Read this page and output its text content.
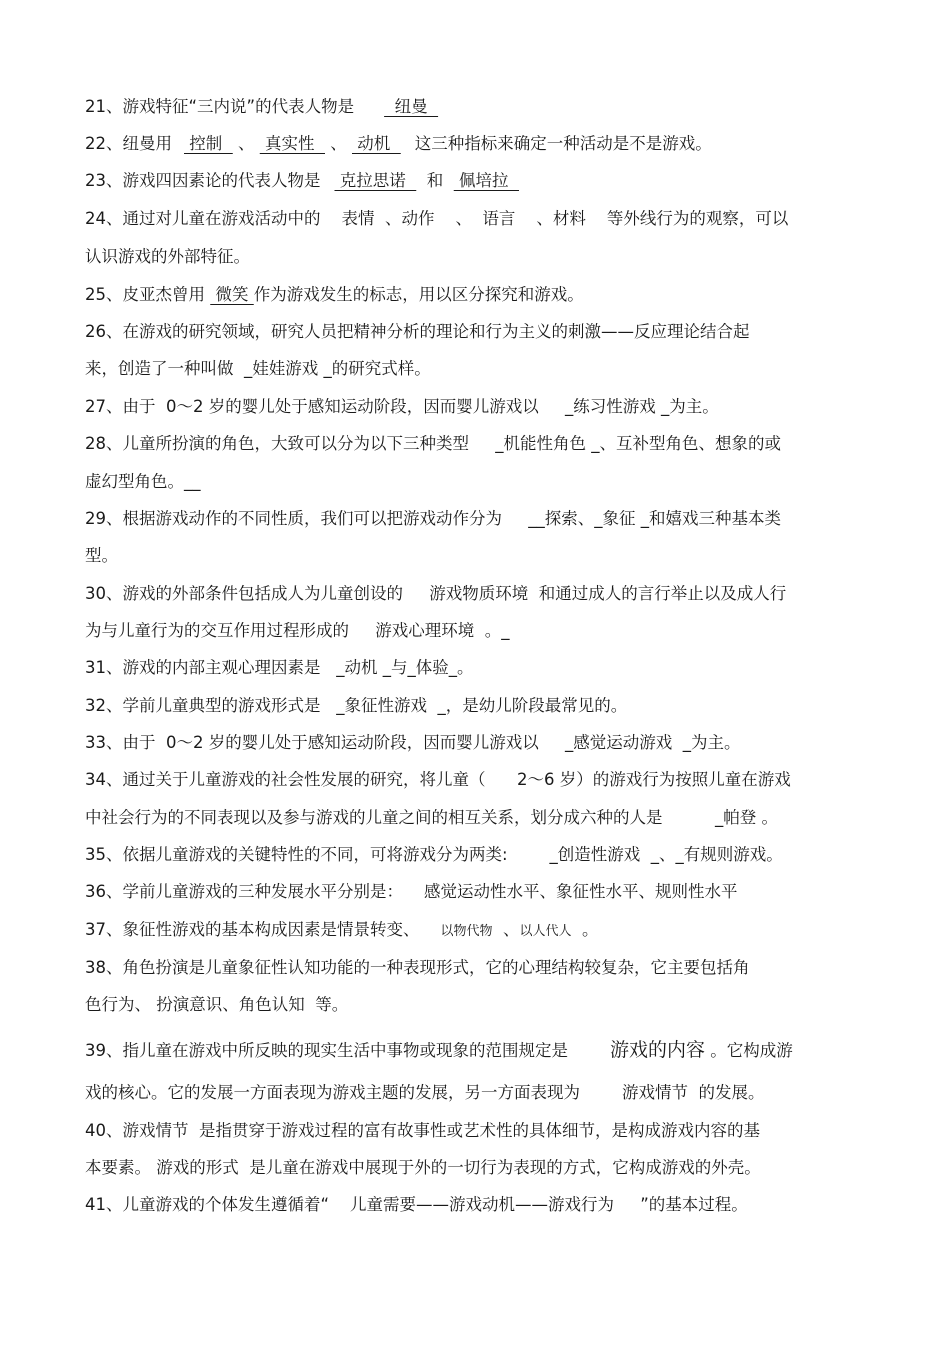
21、游戏特征“三内说”的代表人物是  纽曼
22、纽曼用 控制   、  真实性   、  动机  这三种指标来确定一种活动是不是游戏。
23、游戏四因素论的代表人物是 克拉思诺    和   佩培拉
24、通过对儿童在游戏活动中的    表情  、动作    、  语言    、材料    等外线行为的观察，可以
认识游戏的外部特征。
25、皮亚杰曾用  微笑 作为游戏发生的标志，用以区分探究和游戏。
26、在游戏的研究领域，研究人员把精神分析的理论和行为主义的刺激——反应理论结合起
来，创造了一种叫做  _娃娃游戏 _的研究式样。
27、由于  0～2 岁的婴儿处于感知运动阶段，因而婴儿游戏以     _练习性游戏 _为主。
28、儿童所扮演的角色，大致可以分为以下三种类型     _机能性角色 _、互补型角色、想象的或
虚幻型角色。__
29、根据游戏动作的不同性质，我们可以把游戏动作分为     __探索、_象征 _和嬉戏三种基本类
型。
30、游戏的外部条件包括成人为儿童创设的     游戏物质环境  和通过成人的言行举止以及成人行
为与儿童行为的交互作用过程形成的     游戏心理环境  。_
31、游戏的内部主观心理因素是   _动机 _与_体验_。
32、学前儿童典型的游戏形式是   _象征性游戏  _，是幼儿阶段最常见的。
33、由于  0～2 岁的婴儿处于感知运动阶段，因而婴儿游戏以     _感觉运动游戏  _为主。
34、通过关于儿童游戏的社会性发展的研究，将儿童（      2～6 岁）的游戏行为按照儿童在游戏
中社会行为的不同表现以及参与游戏的儿童之间的相互关系，划分成六种的人是          _帕登 。
35、依据儿童游戏的关键特性的不同，可将游戏分为两类:        _创造性游戏  _、_有规则游戏。
36、学前儿童游戏的三种发展水平分别是：    感觉运动性水平、象征性水平、规则性水平
37、象征性游戏的基本构成因素是情景转变、    以物代物  、以人代人  。
38、角色扮演是儿童象征性认知功能的一种表现形式，它的心理结构较复杂，它主要包括角
色行为、 扮演意识、角色认知  等。
39、指儿童在游戏中所反映的现实生活中事物或现象的范围规定是        游戏的内容 。它构成游
戏的核心。它的发展一方面表现为游戏主题的发展，另一方面表现为        游戏情节  的发展。
40、游戏情节  是指贯穿于游戏过程的富有故事性或艺术性的具体细节，是构成游戏内容的基
本要素。 游戏的形式  是儿童在游戏中展现于外的一切行为表现的方式，它构成游戏的外壳。
41、儿童游戏的个体发生遵循着“    儿童需要——游戏动机——游戏行为     ”的基本过程。
